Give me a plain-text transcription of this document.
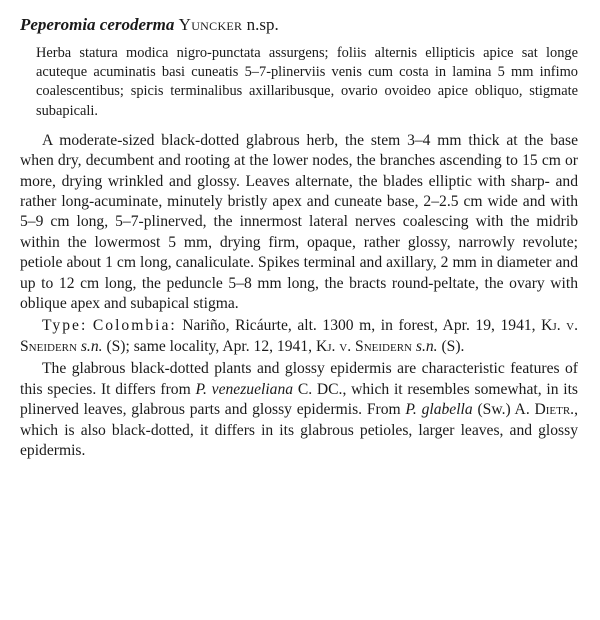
Peperomia ceroderma Yuncker n.sp.

Herba statura modica nigro-punctata assurgens; foliis alternis ellipticis apice sat longe acuteque acuminatis basi cuneatis 5–7-plinerviis venis cum costa in lamina 5 mm infimo coalescentibus; spicis terminalibus axillaribusque, ovario ovoideo apice obliquo, stigmate subapicali.

A moderate-sized black-dotted glabrous herb, the stem 3–4 mm thick at the base when dry, decumbent and rooting at the lower nodes, the branches ascending to 15 cm or more, drying wrinkled and glossy. Leaves alternate, the blades elliptic with sharp- and rather long-acuminate, minutely bristly apex and cuneate base, 2–2.5 cm wide and with 5–9 cm long, 5–7-plinerved, the innermost lateral nerves coalescing with the midrib within the lowermost 5 mm, drying firm, opaque, rather glossy, narrowly revolute; petiole about 1 cm long, canaliculate. Spikes terminal and axillary, 2 mm in diameter and up to 12 cm long, the peduncle 5–8 mm long, the bracts round-peltate, the ovary with oblique apex and subapical stigma.

Type: Colombia: Nariño, Ricáurte, alt. 1300 m, in forest, Apr. 19, 1941, Kj. v. Sneidern s.n. (S); same locality, Apr. 12, 1941, Kj. v. Sneidern s.n. (S).

The glabrous black-dotted plants and glossy epidermis are characteristic features of this species. It differs from P. venezueliana C. DC., which it resembles somewhat, in its plinerved leaves, glabrous parts and glossy epidermis. From P. glabella (Sw.) A. Dietr., which is also black-dotted, it differs in its glabrous petioles, larger leaves, and glossy epidermis.
